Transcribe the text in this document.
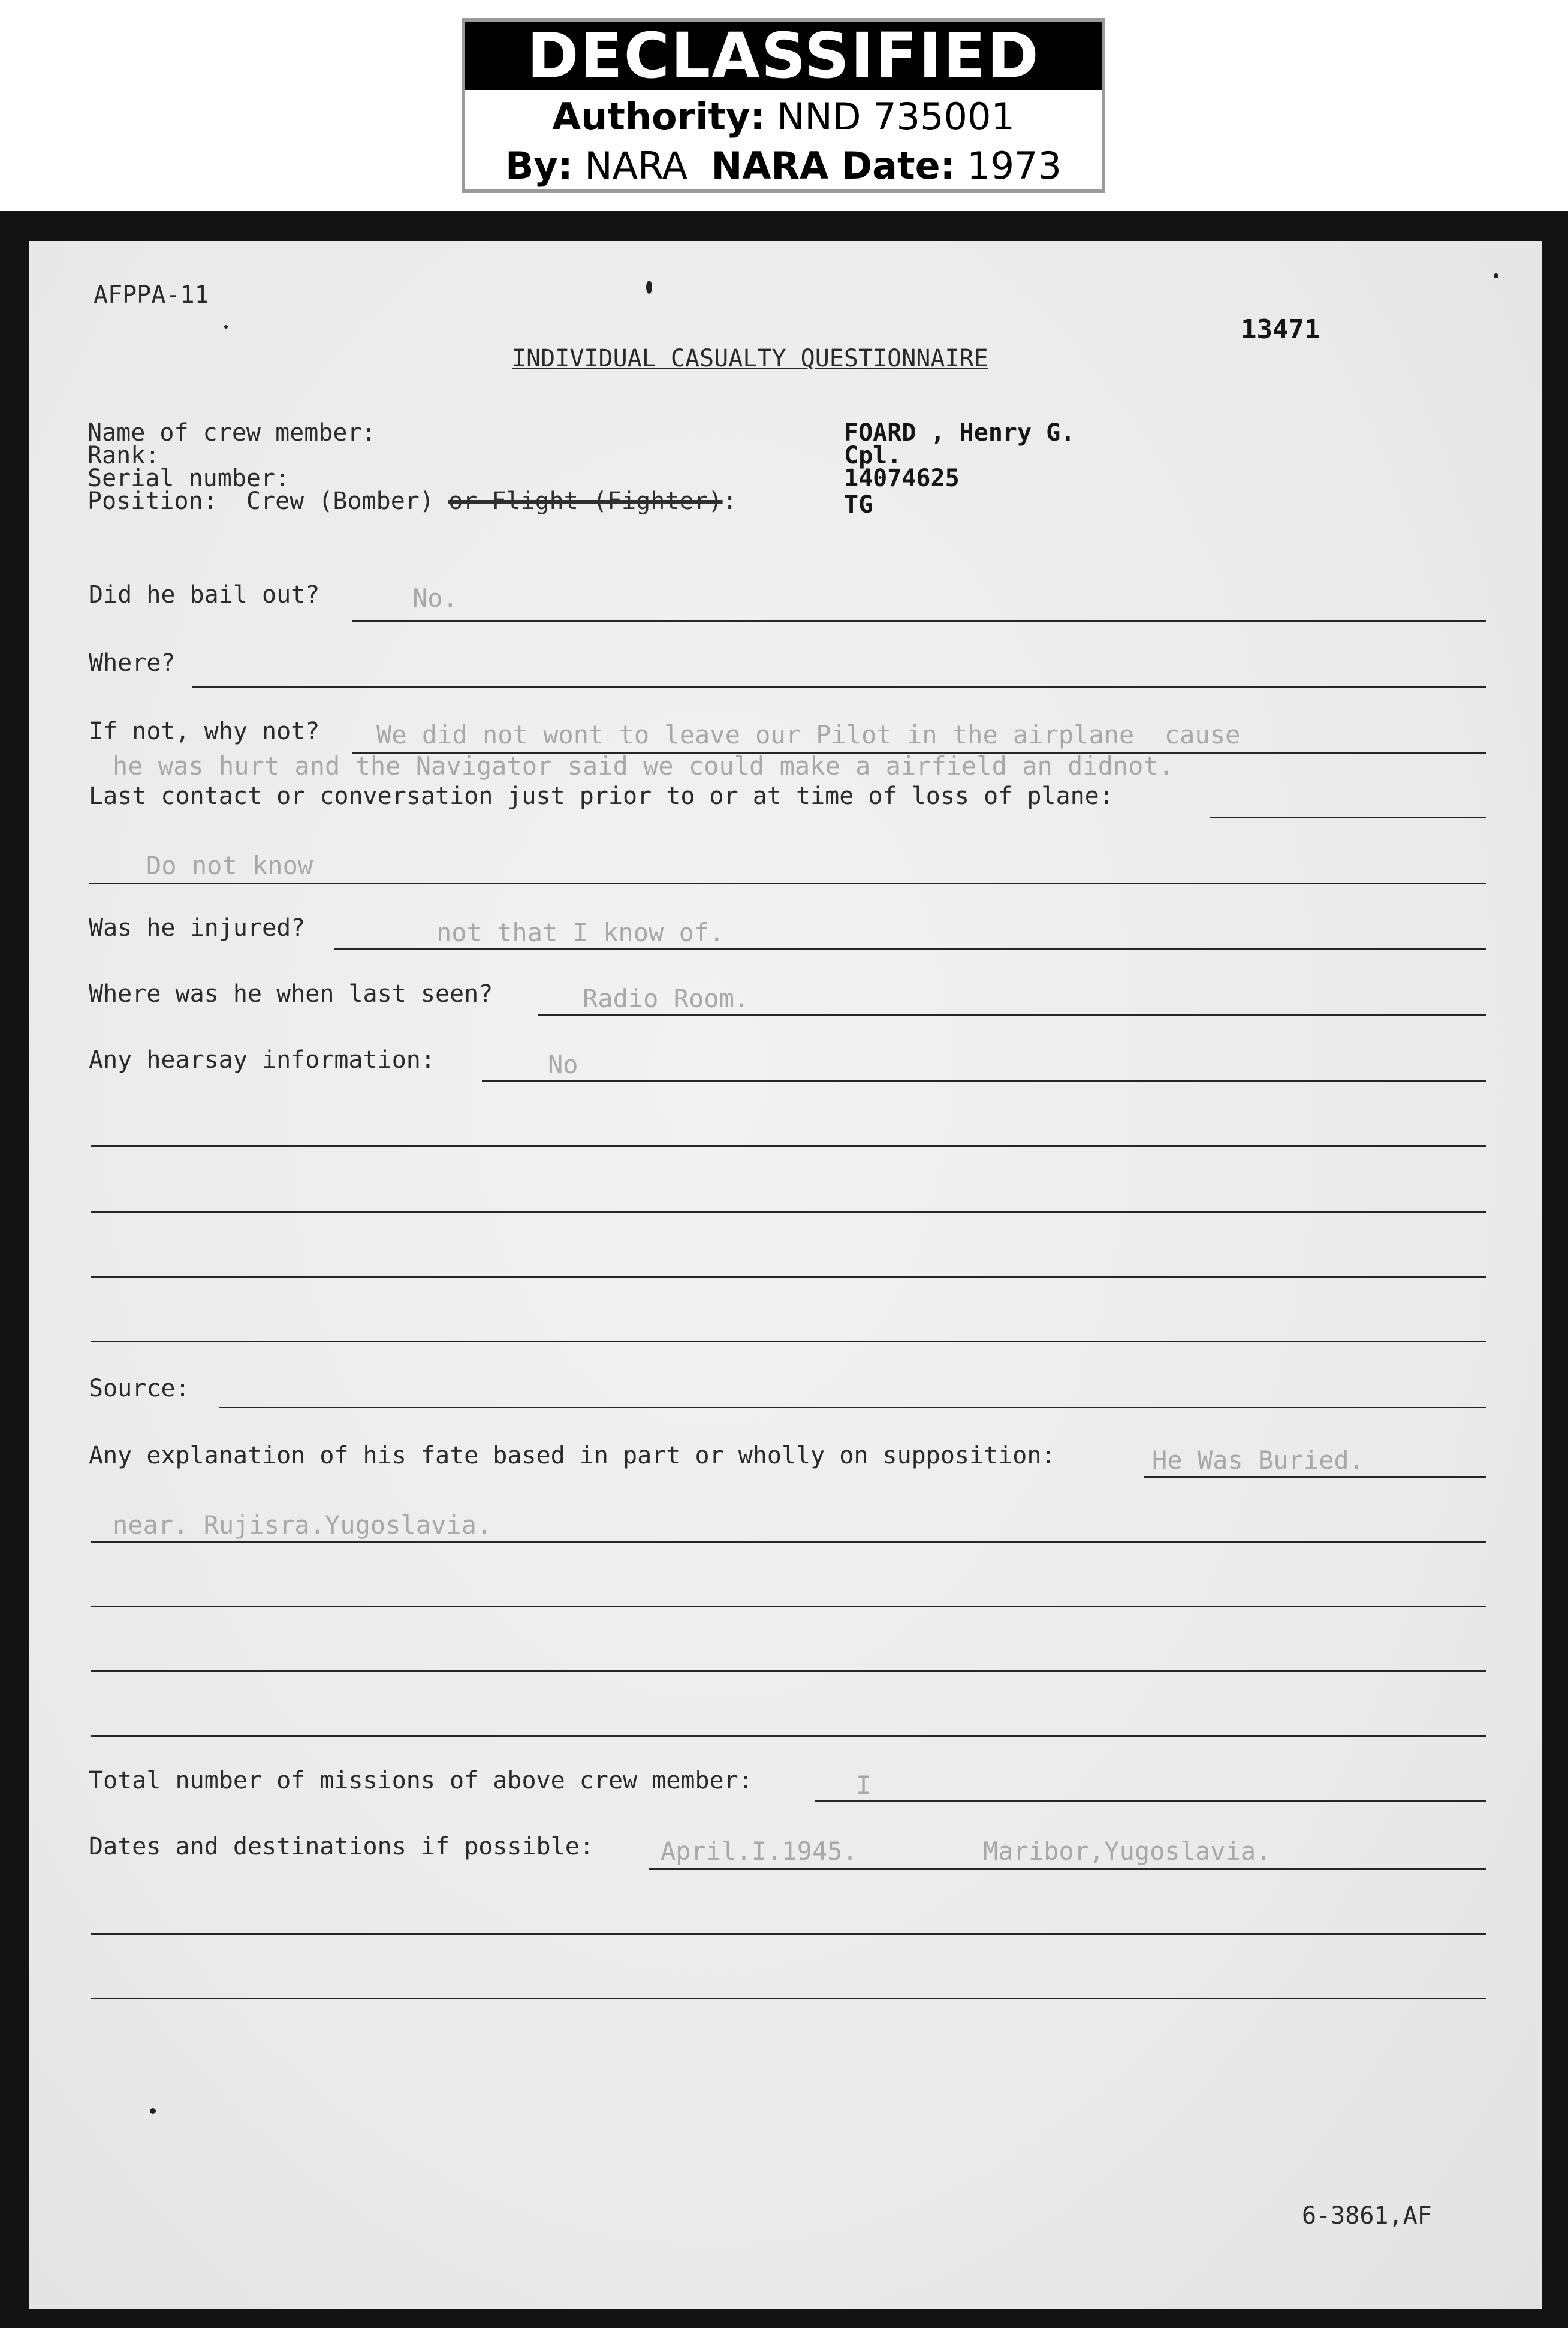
DECLASSIFIED
Authority: NND 735001
By: NARA NARA Date: 1973
AFPPA-11
13471
INDIVIDUAL CASUALTY QUESTIONNAIRE
Name of crew member:	FOARD , Henry G.
Rank:	Cpl.
Serial number:	14074625
Position:  Crew (Bomber) or Flight (Fighter):	TG
Did he bail out?	No.
Where?
If not, why not? We did not wont to leave our Pilot in the airplane  cause
he was hurt and the Navigator said we could make a airfield an didnot.
Last contact or conversation just prior to or at time of loss of plane:
Do not know
Was he injured?	not that I know of.
Where was he when last seen?	Radio Room.
Any hearsay information:	No
Source:
Any explanation of his fate based in part or wholly on supposition:	He Was Buried.
near. Rujisra.Yugoslavia.
Total number of missions of above crew member:	I
Dates and destinations if possible:	April.I.1945.	Maribor,Yugoslavia.
6-3861,AF
